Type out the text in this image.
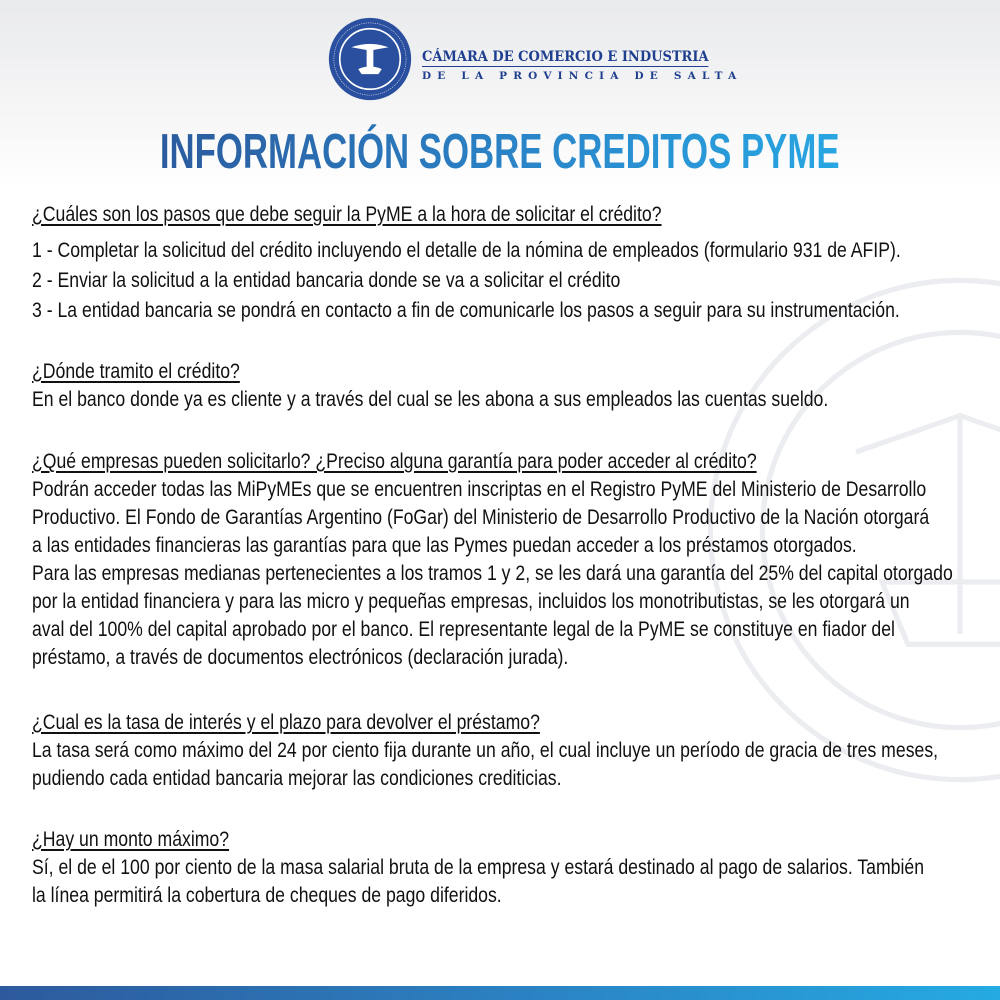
CÁMARA DE COMERCIO E INDUSTRIA
DE LA PROVINCIA DE SALTA
INFORMACIÓN SOBRE CREDITOS PYME
¿Cuáles son los pasos que debe seguir la PyME a la hora de solicitar el crédito?
1 - Completar la solicitud del crédito incluyendo el detalle de la nómina de empleados (formulario 931 de AFIP).
2 - Enviar la solicitud a la entidad bancaria donde se va a solicitar el crédito
3 - La entidad bancaria se pondrá en contacto a fin de comunicarle los pasos a seguir para su instrumentación.
¿Dónde tramito el crédito?
En el banco donde ya es cliente y a través del cual se les abona a sus empleados las cuentas sueldo.
¿Qué empresas pueden solicitarlo? ¿Preciso alguna garantía para poder acceder al crédito?
Podrán acceder todas las MiPyMEs que se encuentren inscriptas en el Registro PyME del Ministerio de Desarrollo
Productivo. El Fondo de Garantías Argentino (FoGar) del Ministerio de Desarrollo Productivo de la Nación otorgará
a las entidades financieras las garantías para que las Pymes puedan acceder a los préstamos otorgados.
Para las empresas medianas pertenecientes a los tramos 1 y 2, se les dará una garantía del 25% del capital otorgado
por la entidad financiera y para las micro y pequeñas empresas, incluidos los monotributistas, se les otorgará un
aval del 100% del capital aprobado por el banco. El representante legal de la PyME se constituye en fiador del
préstamo, a través de documentos electrónicos (declaración jurada).
¿Cual es la tasa de interés y el plazo para devolver el préstamo?
La tasa será como máximo del 24 por ciento fija durante un año, el cual incluye un período de gracia de tres meses,
pudiendo cada entidad bancaria mejorar las condiciones crediticias.
¿Hay un monto máximo?
Sí, el de el 100 por ciento de la masa salarial bruta de la empresa y estará destinado al pago de salarios. También
la línea permitirá la cobertura de cheques de pago diferidos.
